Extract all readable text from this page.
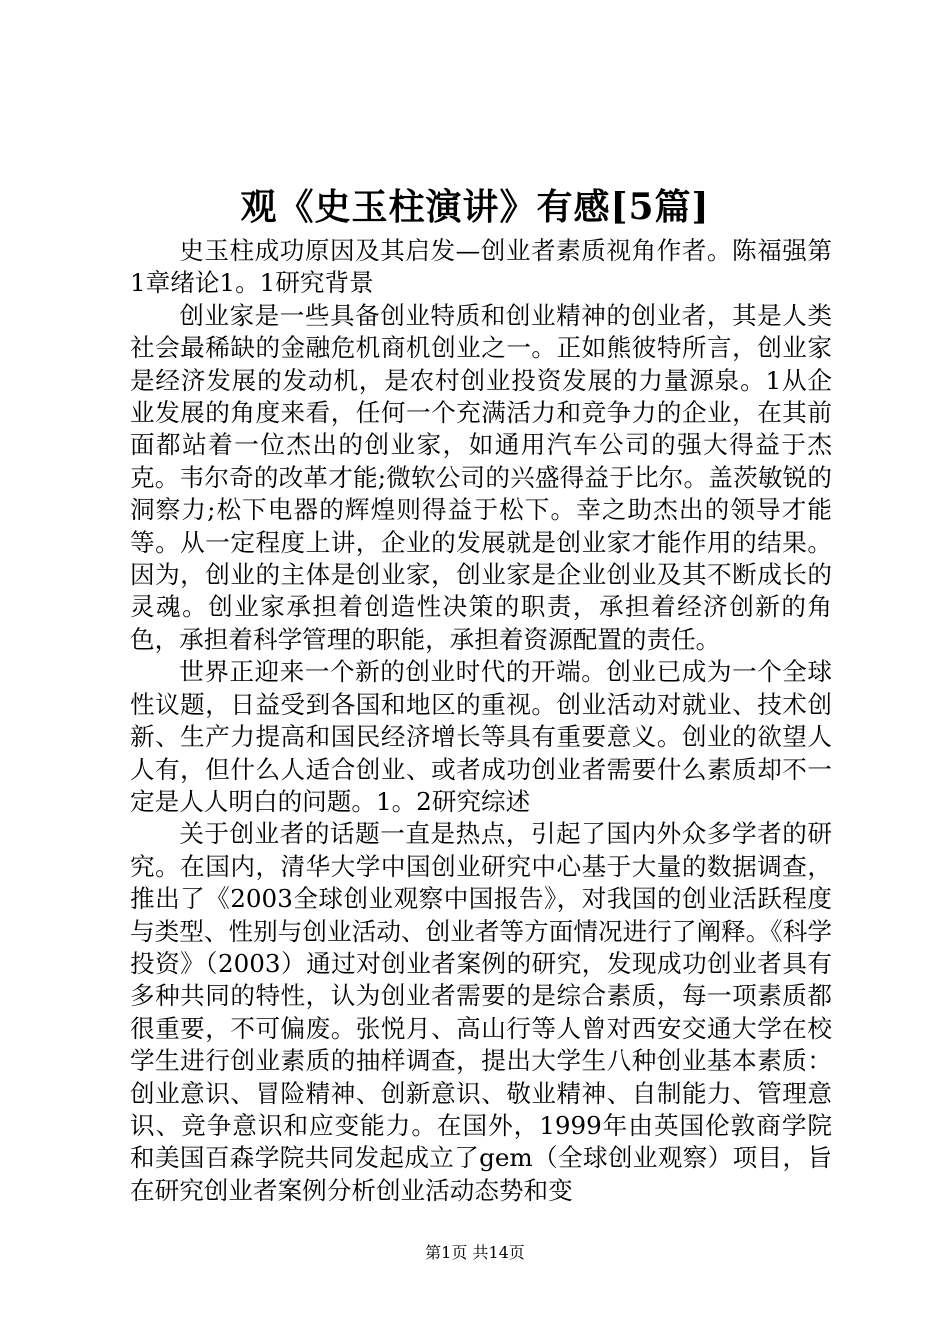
观《史玉柱演讲》有感[5篇]

史玉柱成功原因及其启发—创业者素质视角作者。陈福强第1章绪论1。1研究背景

创业家是一些具备创业特质和创业精神的创业者，其是人类社会最稀缺的金融危机商机创业之一。正如熊彼特所言，创业家是经济发展的发动机，是农村创业投资发展的力量源泉。1从企业发展的角度来看，任何一个充满活力和竞争力的企业，在其前面都站着一位杰出的创业家，如通用汽车公司的强大得益于杰克。韦尔奇的改革才能;微软公司的兴盛得益于比尔。盖茨敏锐的洞察力;松下电器的辉煌则得益于松下。幸之助杰出的领导才能等。从一定程度上讲，企业的发展就是创业家才能作用的结果。因为，创业的主体是创业家，创业家是企业创业及其不断成长的灵魂。创业家承担着创造性决策的职责，承担着经济创新的角色，承担着科学管理的职能，承担着资源配置的责任。

世界正迎来一个新的创业时代的开端。创业已成为一个全球性议题，日益受到各国和地区的重视。创业活动对就业、技术创新、生产力提高和国民经济增长等具有重要意义。创业的欲望人人有，但什么人适合创业、或者成功创业者需要什么素质却不一定是人人明白的问题。1。2研究综述

关于创业者的话题一直是热点，引起了国内外众多学者的研究。在国内，清华大学中国创业研究中心基于大量的数据调查，推出了《2003全球创业观察中国报告》，对我国的创业活跃程度与类型、性别与创业活动、创业者等方面情况进行了阐释。《科学投资》（2003）通过对创业者案例的研究，发现成功创业者具有多种共同的特性，认为创业者需要的是综合素质，每一项素质都很重要，不可偏废。张悦月、高山行等人曾对西安交通大学在校学生进行创业素质的抽样调查，提出大学生八种创业基本素质：创业意识、冒险精神、创新意识、敬业精神、自制能力、管理意识、竞争意识和应变能力。在国外，1999年由英国伦敦商学院和美国百森学院共同发起成立了gem（全球创业观察）项目，旨在研究创业者案例分析创业活动态势和变

第1页 共14页
